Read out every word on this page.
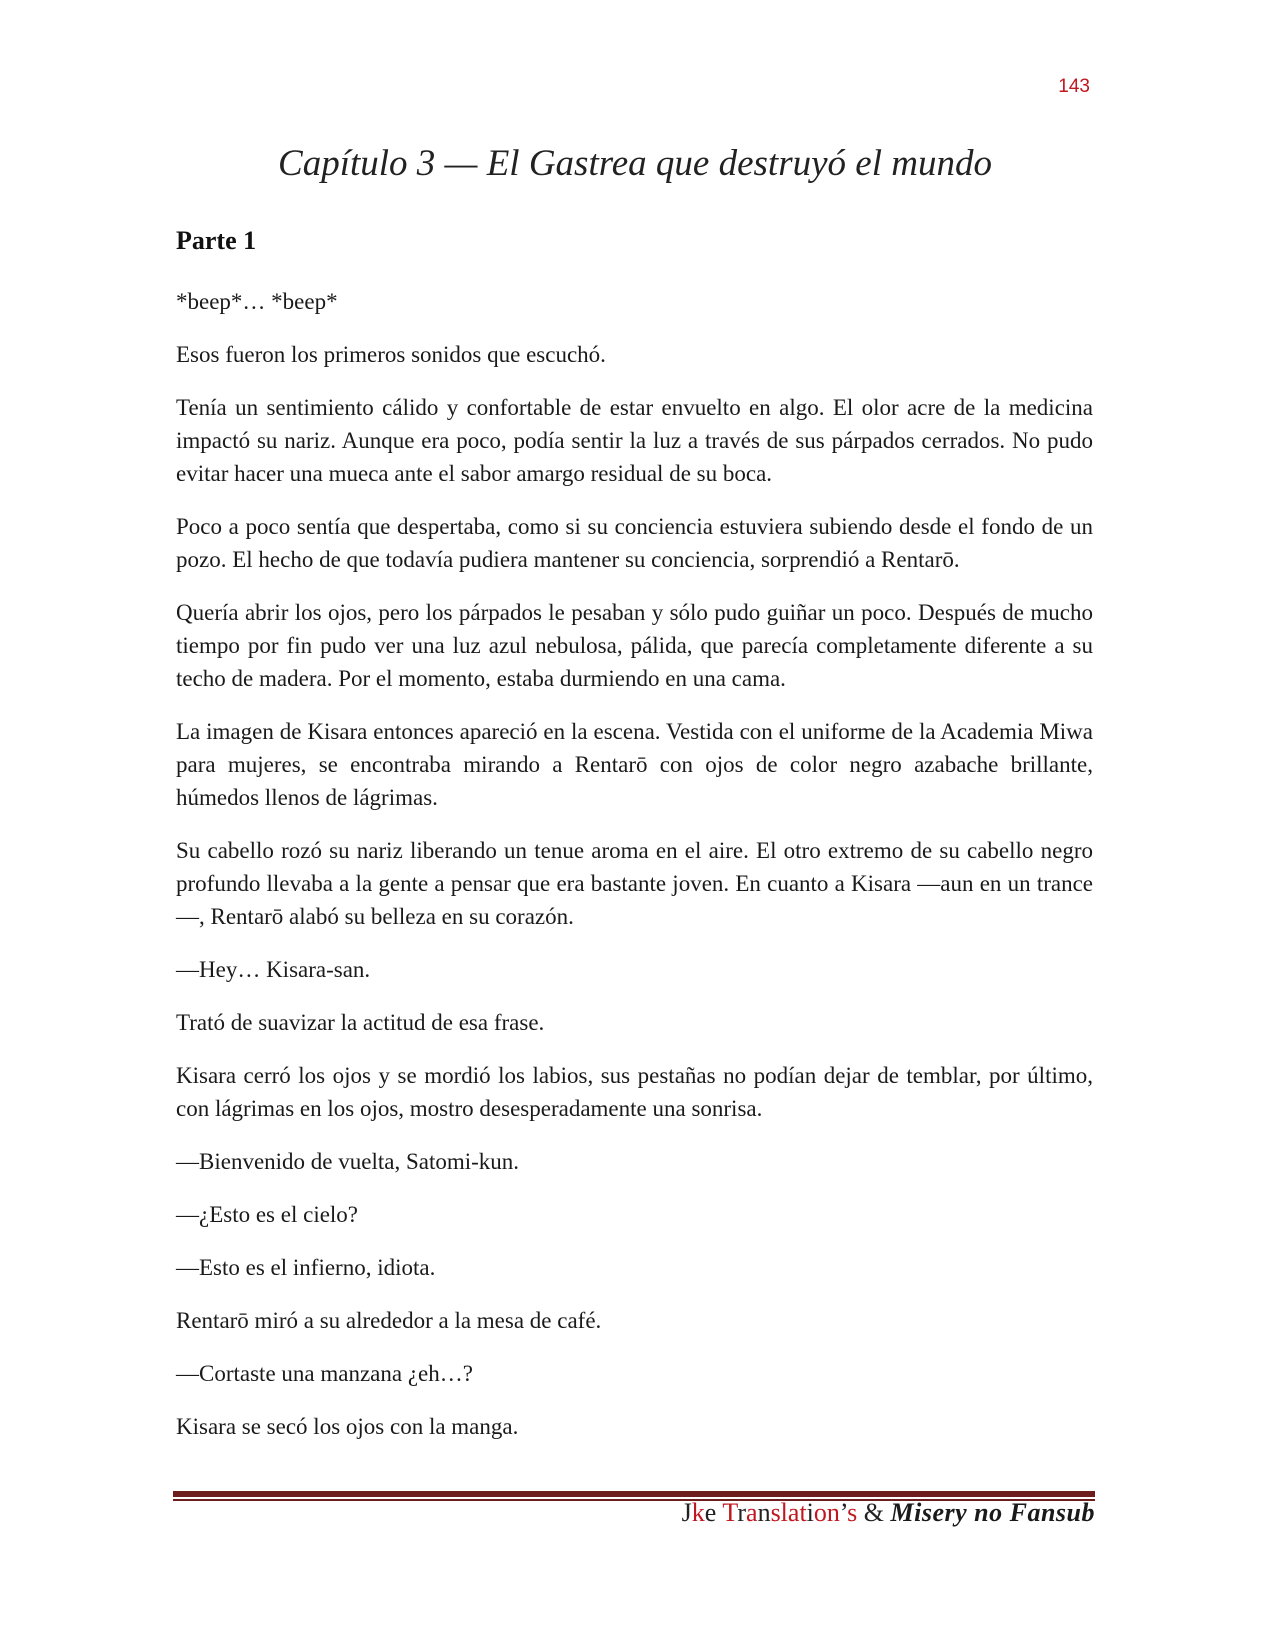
143
Capítulo 3 — El Gastrea que destruyó el mundo
Parte 1

*beep*… *beep*

Esos fueron los primeros sonidos que escuchó.

Tenía un sentimiento cálido y confortable de estar envuelto en algo. El olor acre de la medicina impactó su nariz. Aunque era poco, podía sentir la luz a través de sus párpados cerrados. No pudo evitar hacer una mueca ante el sabor amargo residual de su boca.

Poco a poco sentía que despertaba, como si su conciencia estuviera subiendo desde el fondo de un pozo. El hecho de que todavía pudiera mantener su conciencia, sorprendió a Rentarō.

Quería abrir los ojos, pero los párpados le pesaban y sólo pudo guiñar un poco. Después de mucho tiempo por fin pudo ver una luz azul nebulosa, pálida, que parecía completamente diferente a su techo de madera. Por el momento, estaba durmiendo en una cama.

La imagen de Kisara entonces apareció en la escena. Vestida con el uniforme de la Academia Miwa para mujeres, se encontraba mirando a Rentarō con ojos de color negro azabache brillante, húmedos llenos de lágrimas.

Su cabello rozó su nariz liberando un tenue aroma en el aire. El otro extremo de su cabello negro profundo llevaba a la gente a pensar que era bastante joven. En cuanto a Kisara —aun en un trance—, Rentarō alabó su belleza en su corazón.

—Hey… Kisara-san.

Trató de suavizar la actitud de esa frase.

Kisara cerró los ojos y se mordió los labios, sus pestañas no podían dejar de temblar, por último, con lágrimas en los ojos, mostro desesperadamente una sonrisa.

—Bienvenido de vuelta, Satomi-kun.

—¿Esto es el cielo?

—Esto es el infierno, idiota.

Rentarō miró a su alrededor a la mesa de café.

—Cortaste una manzana ¿eh…?

Kisara se secó los ojos con la manga.

Jke Translation’s & Misery no Fansub
